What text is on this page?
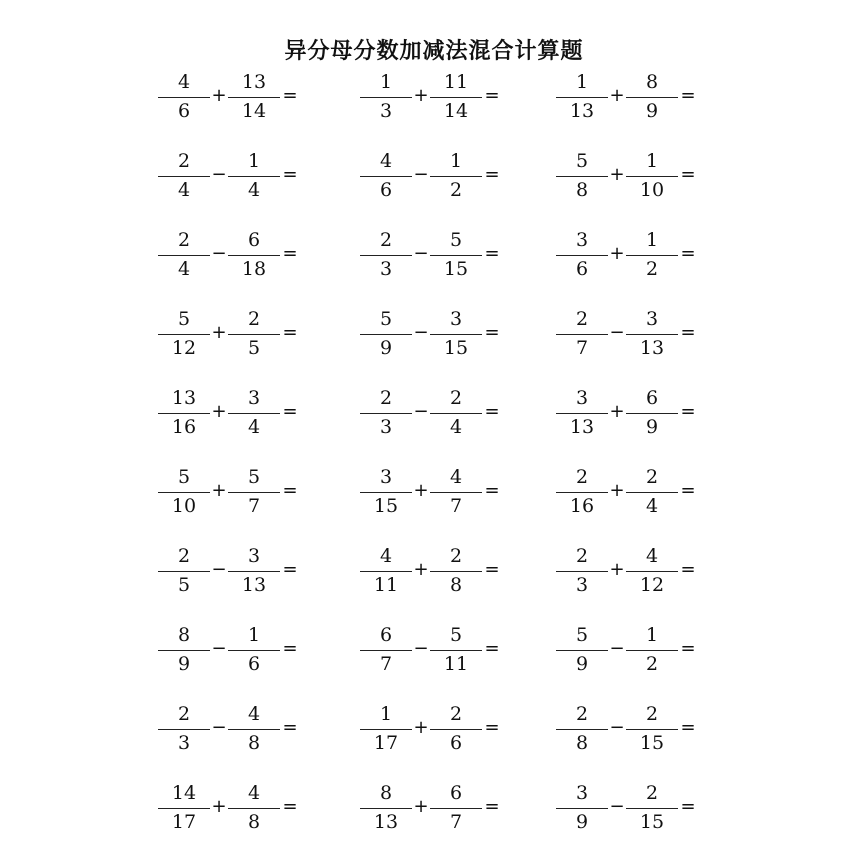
异分母分数加减法混合计算题
4
6
+
13
14
=
1
3
+
11
14
=
1
13
+
8
9
=
2
4
−
1
4
=
4
6
−
1
2
=
5
8
+
1
10
=
2
4
−
6
18
=
2
3
−
5
15
=
3
6
+
1
2
=
5
12
+
2
5
=
5
9
−
3
15
=
2
7
−
3
13
=
13
16
+
3
4
=
2
3
−
2
4
=
3
13
+
6
9
=
5
10
+
5
7
=
3
15
+
4
7
=
2
16
+
2
4
=
2
5
−
3
13
=
4
11
+
2
8
=
2
3
+
4
12
=
8
9
−
1
6
=
6
7
−
5
11
=
5
9
−
1
2
=
2
3
−
4
8
=
1
17
+
2
6
=
2
8
−
2
15
=
14
17
+
4
8
=
8
13
+
6
7
=
3
9
−
2
15
=
